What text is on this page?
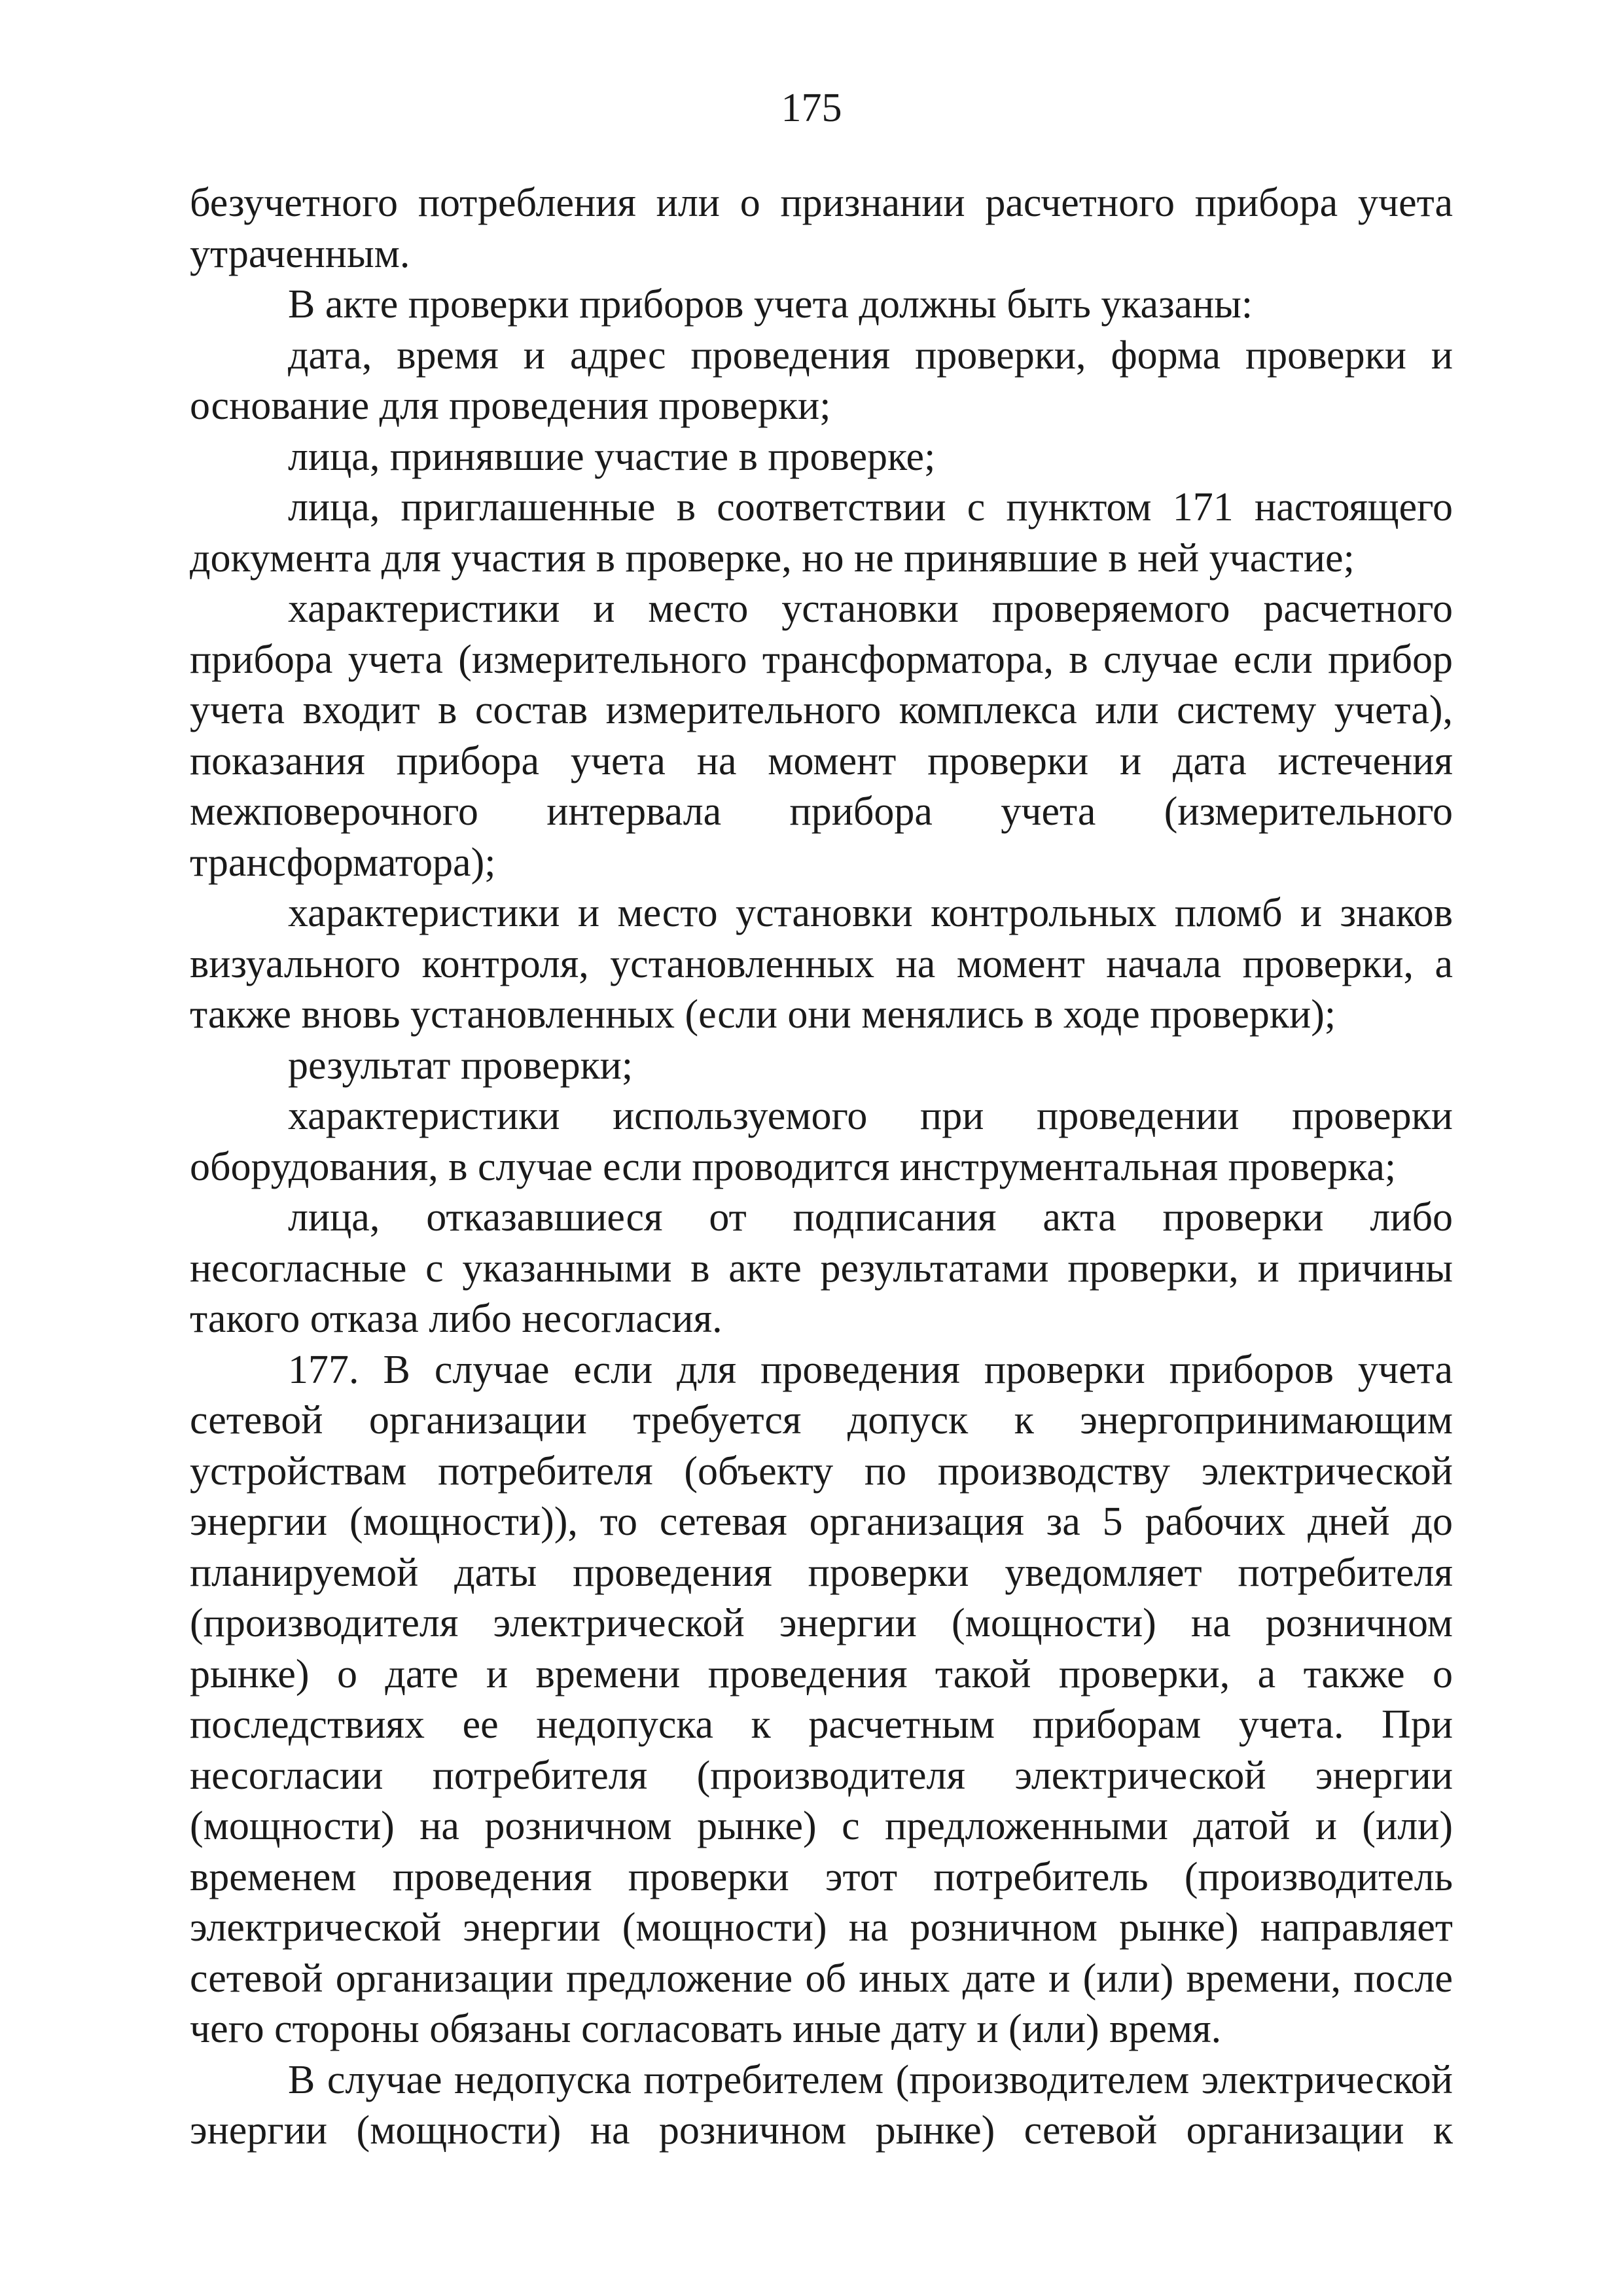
175

безучетного потребления или о признании расчетного прибора учета утраченным.

В акте проверки приборов учета должны быть указаны:

дата, время и адрес проведения проверки, форма проверки и основание для проведения проверки;

лица, принявшие участие в проверке;

лица, приглашенные в соответствии с пунктом 171 настоящего документа для участия в проверке, но не принявшие в ней участие;

характеристики и место установки проверяемого расчетного прибора учета (измерительного трансформатора, в случае если прибор учета входит в состав измерительного комплекса или систему учета), показания прибора учета на момент проверки и дата истечения межповерочного интервала прибора учета (измерительного трансформатора);

характеристики и место установки контрольных пломб и знаков визуального контроля, установленных на момент начала проверки, а также вновь установленных (если они менялись в ходе проверки);

результат проверки;

характеристики используемого при проведении проверки оборудования, в случае если проводится инструментальная проверка;

лица, отказавшиеся от подписания акта проверки либо несогласные с указанными в акте результатами проверки, и причины такого отказа либо несогласия.

177. В случае если для проведения проверки приборов учета сетевой организации требуется допуск к энергопринимающим устройствам потребителя (объекту по производству электрической энергии (мощности)), то сетевая организация за 5 рабочих дней до планируемой даты проведения проверки уведомляет потребителя (производителя электрической энергии (мощности) на розничном рынке) о дате и времени проведения такой проверки, а также о последствиях ее недопуска к расчетным приборам учета. При несогласии потребителя (производителя электрической энергии (мощности) на розничном рынке) с предложенными датой и (или) временем проведения проверки этот потребитель (производитель электрической энергии (мощности) на розничном рынке) направляет сетевой организации предложение об иных дате и (или) времени, после чего стороны обязаны согласовать иные дату и (или) время.

В случае недопуска потребителем (производителем электрической энергии (мощности) на розничном рынке) сетевой организации к
